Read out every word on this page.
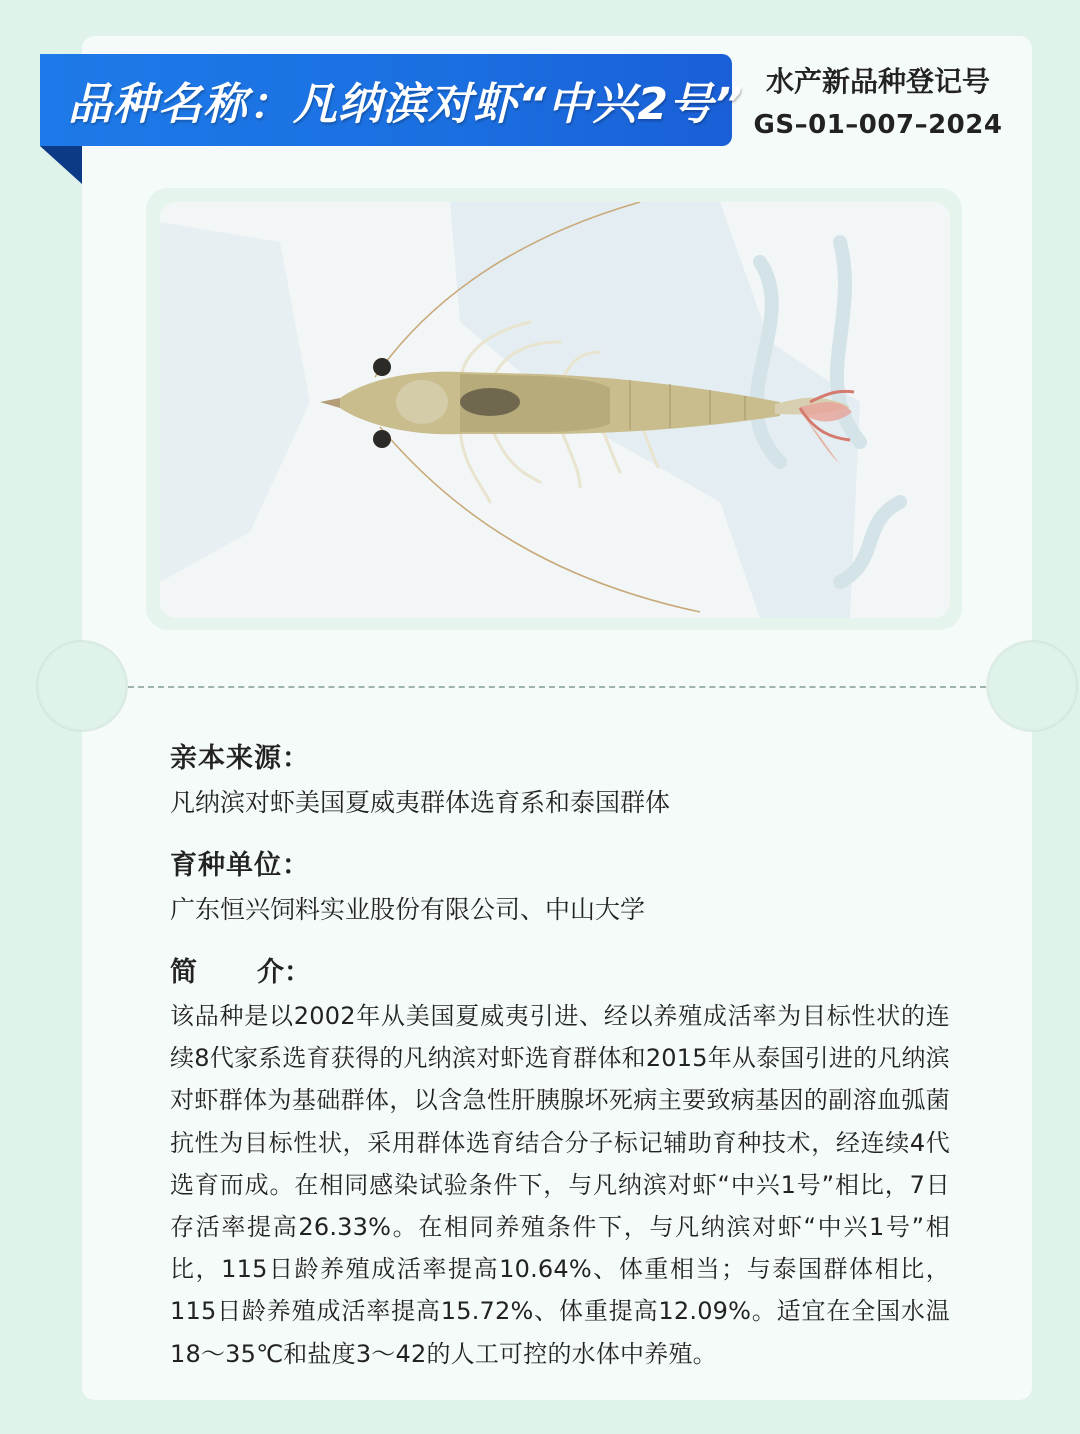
品种名称：凡纳滨对虾“中兴2号” 水产新品种登记号
GS–01–007–2024
亲本来源：
凡纳滨对虾美国夏威夷群体选育系和泰国群体
育种单位：
广东恒兴饲料实业股份有限公司、中山大学
简 介：
该品种是以2002年从美国夏威夷引进、经以养殖成活率为目标性状的连续8代家系选育获得的凡纳滨对虾选育群体和2015年从泰国引进的凡纳滨对虾群体为基础群体，以含急性肝胰腺坏死病主要致病基因的副溶血弧菌抗性为目标性状，采用群体选育结合分子标记辅助育种技术，经连续4代选育而成。在相同感染试验条件下，与凡纳滨对虾“中兴1号”相比，7日存活率提高26.33%。在相同养殖条件下，与凡纳滨对虾“中兴1号”相比，115日龄养殖成活率提高10.64%、体重相当；与泰国群体相比，115日龄养殖成活率提高15.72%、体重提高12.09%。适宜在全国水温18～35℃和盐度3～42的人工可控的水体中养殖。
